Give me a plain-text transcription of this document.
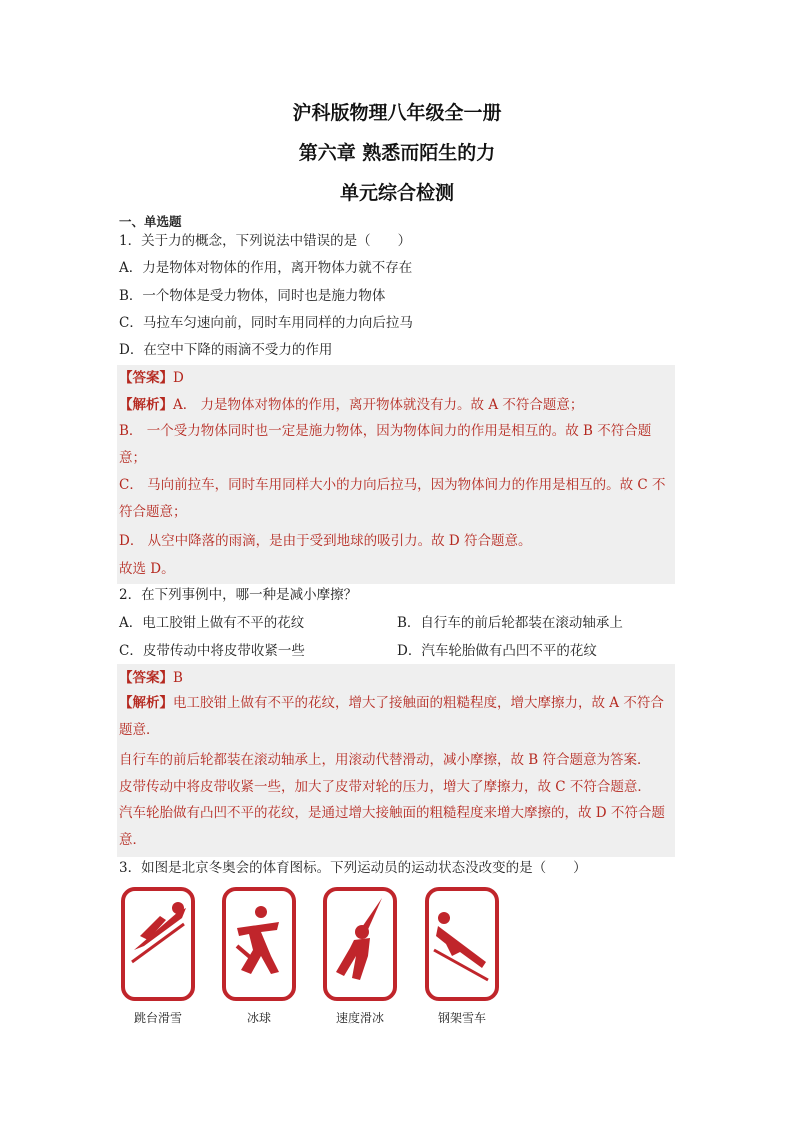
沪科版物理八年级全一册
第六章 熟悉而陌生的力
单元综合检测
一、单选题
1．关于力的概念，下列说法中错误的是（　　）
A．力是物体对物体的作用，离开物体力就不存在
B．一个物体是受力物体，同时也是施力物体
C．马拉车匀速向前，同时车用同样的力向后拉马
D．在空中下降的雨滴不受力的作用
【答案】D
【解析】A． 力是物体对物体的作用，离开物体就没有力。故 A 不符合题意；
B． 一个受力物体同时也一定是施力物体，因为物体间力的作用是相互的。故 B 不符合题意；
C． 马向前拉车，同时车用同样大小的力向后拉马，因为物体间力的作用是相互的。故 C 不符合题意；
D． 从空中降落的雨滴，是由于受到地球的吸引力。故 D 符合题意。
故选 D。
2．在下列事例中，哪一种是减小摩擦？
A．电工胶钳上做有不平的花纹	B．自行车的前后轮都装在滚动轴承上
C．皮带传动中将皮带收紧一些	D．汽车轮胎做有凸凹不平的花纹
【答案】B
【解析】电工胶钳上做有不平的花纹，增大了接触面的粗糙程度，增大摩擦力，故 A 不符合题意．
自行车的前后轮都装在滚动轴承上，用滚动代替滑动，减小摩擦，故 B 符合题意为答案．
皮带传动中将皮带收紧一些，加大了皮带对轮的压力，增大了摩擦力，故 C 不符合题意．
汽车轮胎做有凸凹不平的花纹，是通过增大接触面的粗糙程度来增大摩擦的，故 D 不符合题意．
3．如图是北京冬奥会的体育图标。下列运动员的运动状态没改变的是（　　）
跳台滑雪	冰球	速度滑冰	钢架雪车
